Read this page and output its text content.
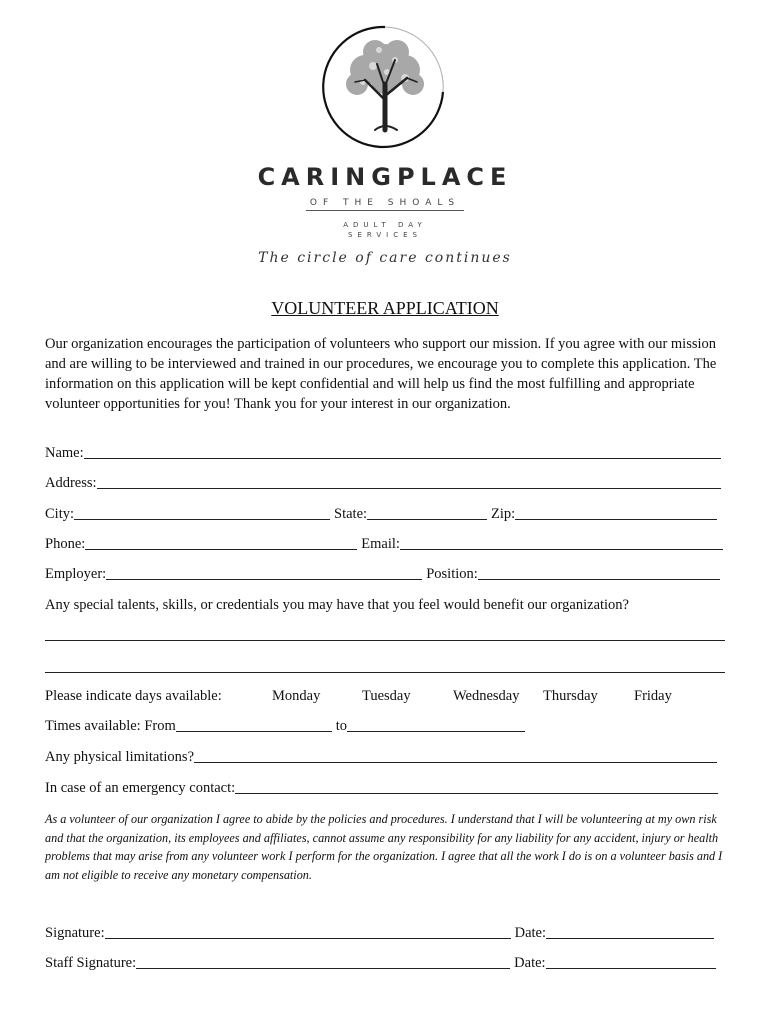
CARINGPLACE
OF THE SHOALS
ADULT DAY
SERVICES
The circle of care continues
VOLUNTEER APPLICATION
Our organization encourages the participation of volunteers who support our mission. If you agree with our mission and are willing to be interviewed and trained in our procedures, we encourage you to complete this application. The information on this application will be kept confidential and will help us find the most fulfilling and appropriate volunteer opportunities for you! Thank you for your interest in our organization.
Name:
Address:
City:	State:	Zip:
Phone:	Email:
Employer:	Position:
Any special talents, skills, or credentials you may have that you feel would benefit our organization?
Please indicate days available:	Monday	Tuesday	Wednesday Thursday Friday
Times available: From	to
Any physical limitations?
In case of an emergency contact:
As a volunteer of our organization I agree to abide by the policies and procedures. I understand that I will be volunteering at my own risk and that the organization, its employees and affiliates, cannot assume any responsibility for any liability for any accident, injury or health problems that may arise from any volunteer work I perform for the organization. I agree that all the work I do is on a volunteer basis and I am not eligible to receive any monetary compensation.
Signature:	Date:
Staff Signature:	Date:
